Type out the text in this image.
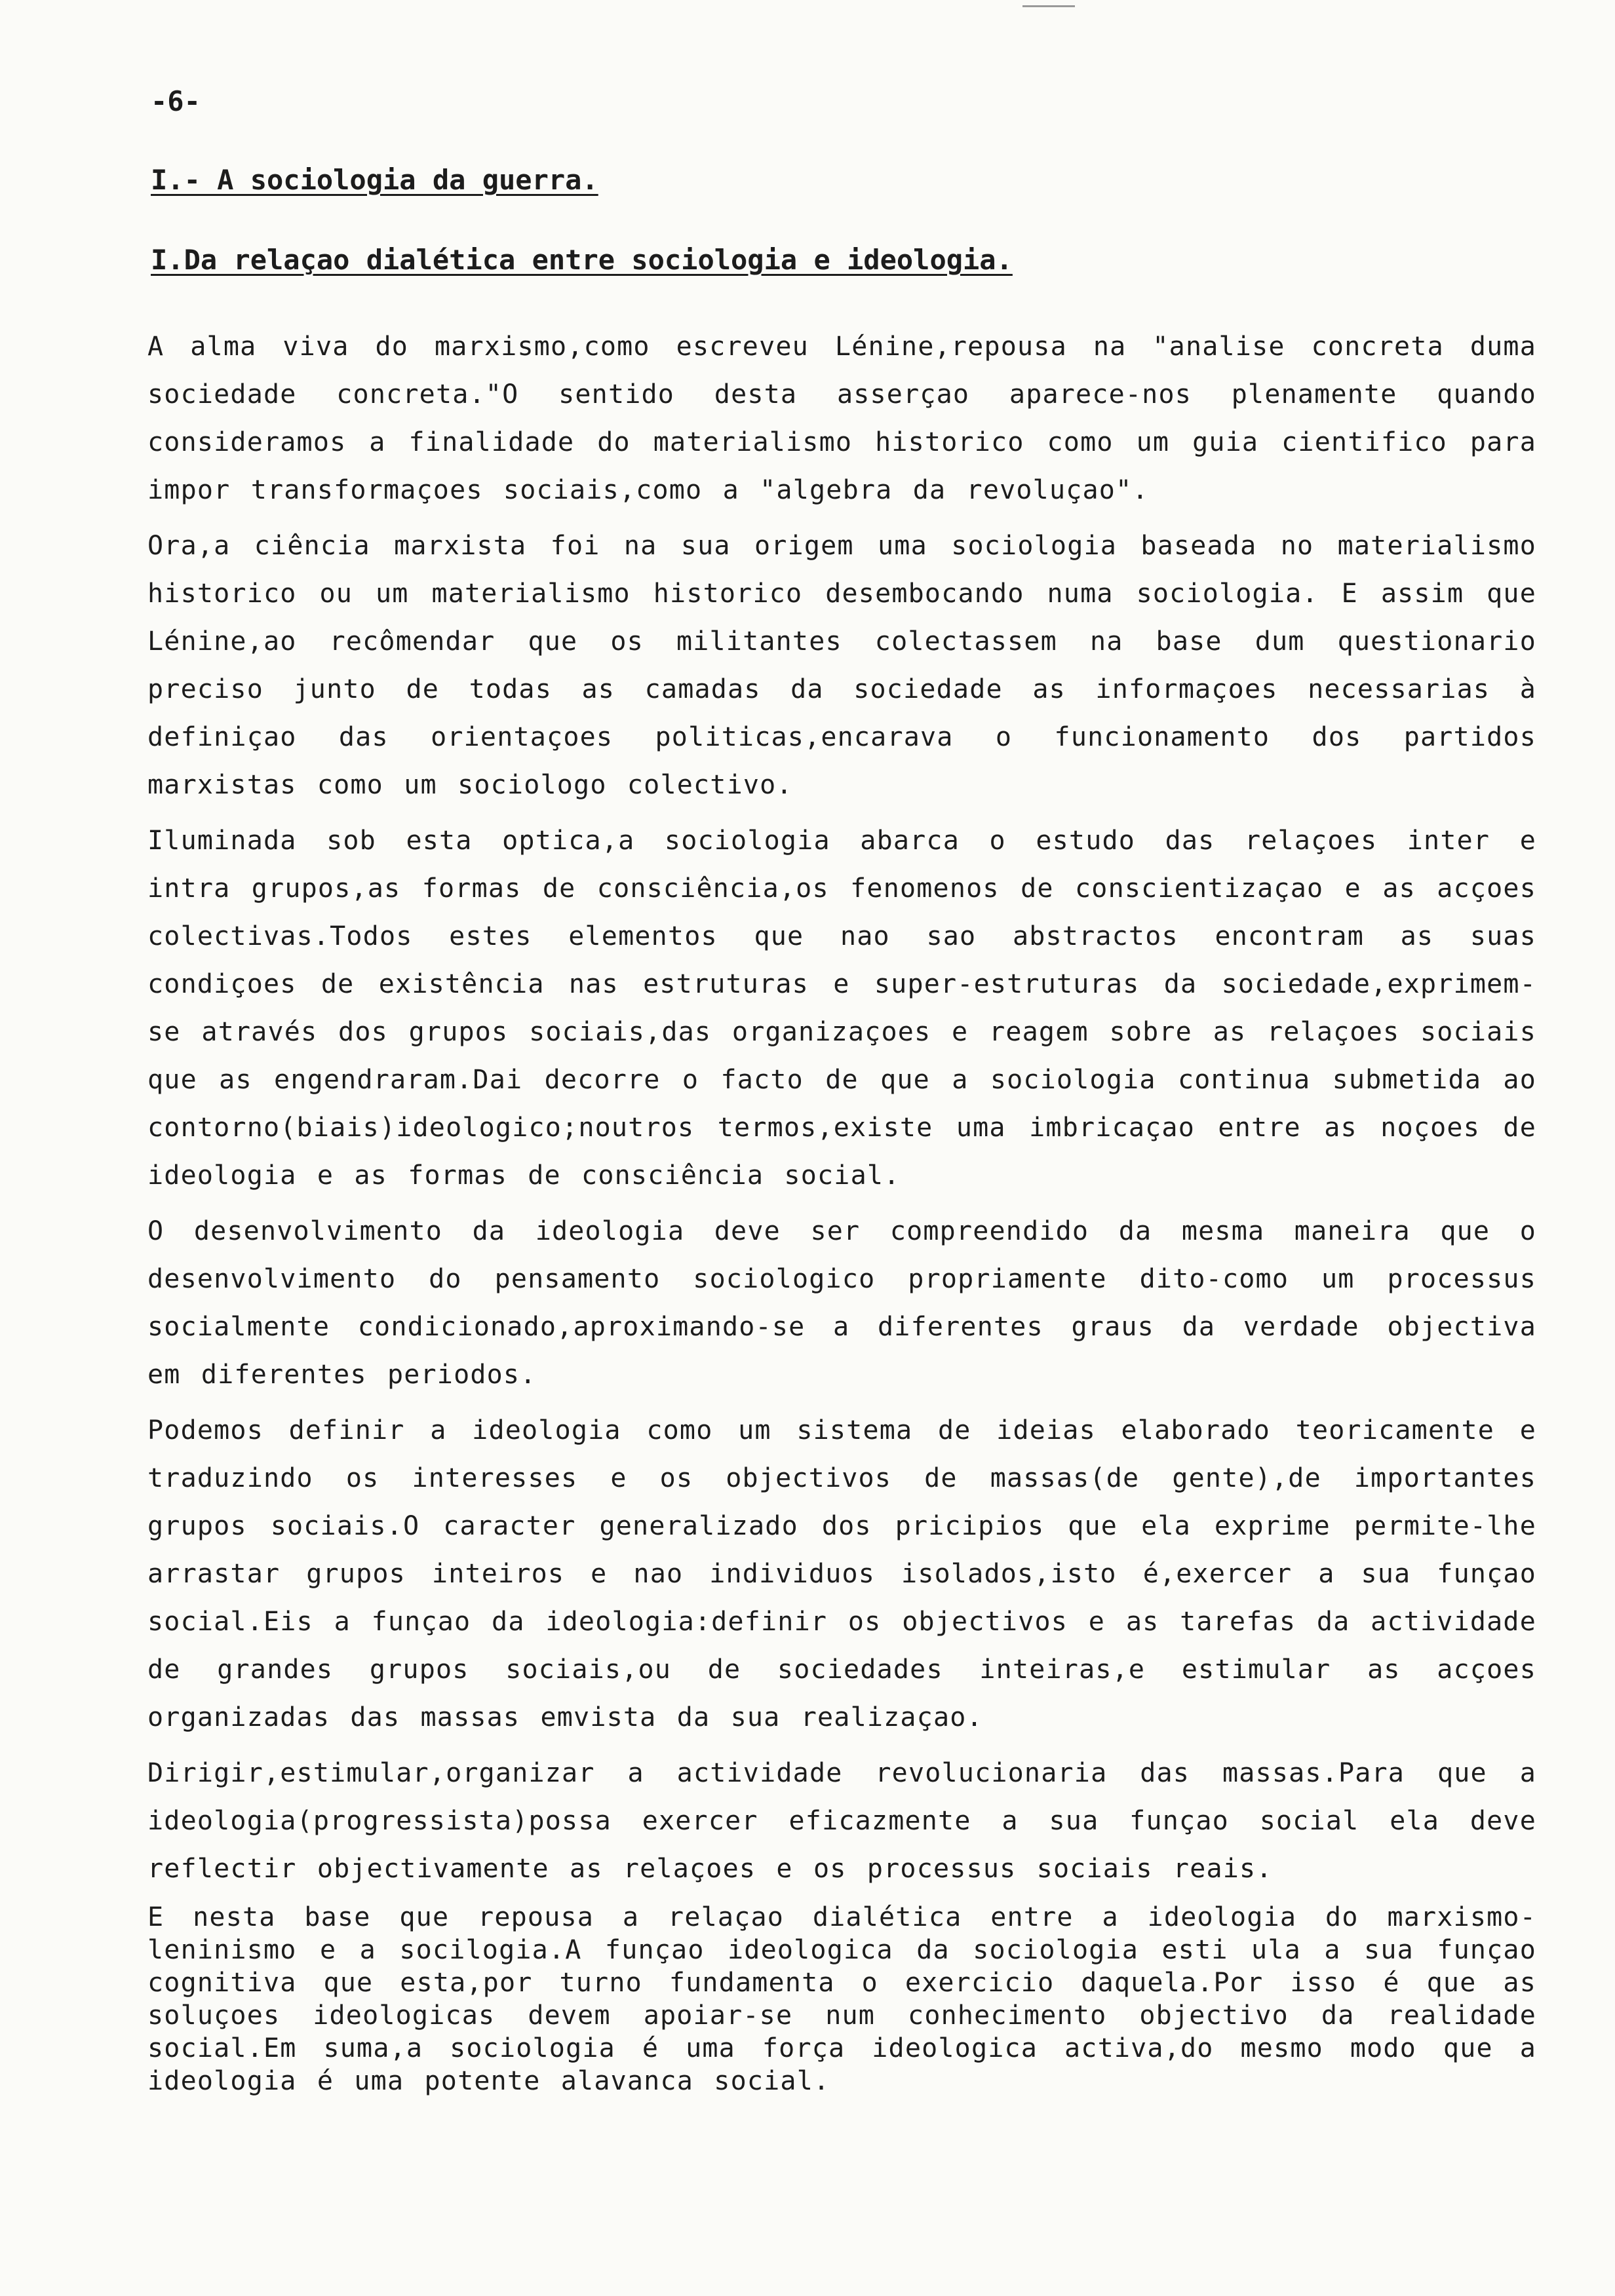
-6-
I.- A sociologia da guerra.
I.Da relaçao dialética entre sociologia e ideologia.

A alma viva do marxismo,como escreveu Lénine,repousa na "analise concreta duma sociedade concreta."O sentido desta asserçao aparece-nos plenamente quando consideramos a finalidade do materialismo historico como um guia cientifico para impor transformaçoes sociais,como a "algebra da revoluçao".

Ora,a ciência marxista foi na sua origem uma sociologia baseada no materialismo historico ou um materialismo historico desembocando numa sociologia. E assim que Lénine,ao recômendar que os militantes colectassem na base dum questionario preciso junto de todas as camadas da sociedade as informaçoes necessarias à definiçao das orientaçoes politicas,encarava o funcionamento dos partidos marxistas como um sociologo colectivo.

Iluminada sob esta optica,a sociologia abarca o estudo das relaçoes inter e intra grupos,as formas de consciência,os fenomenos de conscientizaçao e as acçoes colectivas.Todos estes elementos que nao sao abstractos encontram as suas condiçoes de existência nas estruturas e super-estruturas da sociedade,exprimem-se através dos grupos sociais,das organizaçoes e reagem sobre as relaçoes sociais que as engendraram.Dai decorre o facto de que a sociologia continua submetida ao contorno(biais)ideologico;noutros termos,existe uma imbricaçao entre as noçoes de ideologia e as formas de consciência social.

O desenvolvimento da ideologia deve ser compreendido da mesma maneira que o desenvolvimento do pensamento sociologico propriamente dito-como um processus socialmente condicionado,aproximando-se a diferentes graus da verdade objectiva em diferentes periodos.

Podemos definir a ideologia como um sistema de ideias elaborado teoricamente e traduzindo os interesses e os objectivos de massas(de gente),de importantes grupos sociais.O caracter generalizado dos pricipios que ela exprime permite-lhe arrastar grupos inteiros e nao individuos isolados,isto é,exercer a sua funçao social.Eis a funçao da ideologia:definir os objectivos e as tarefas da actividade de grandes grupos sociais,ou de sociedades inteiras,e estimular as acçoes organizadas das massas emvista da sua realizaçao.

Dirigir,estimular,organizar a actividade revolucionaria das massas.Para que a ideologia(progressista)possa exercer eficazmente a sua funçao social ela deve reflectir objectivamente as relaçoes e os processus sociais reais.

E nesta base que repousa a relaçao dialética entre a ideologia do marxismo-leninismo e a socilogia.A funçao ideologica da sociologia esti ula a sua funçao cognitiva que esta,por turno fundamenta o exercicio daquela.Por isso é que as soluçoes ideologicas devem apoiar-se num conhecimento objectivo da realidade social.Em suma,a sociologia é uma força ideologica activa,do mesmo modo que a ideologia é uma potente alavanca social.
